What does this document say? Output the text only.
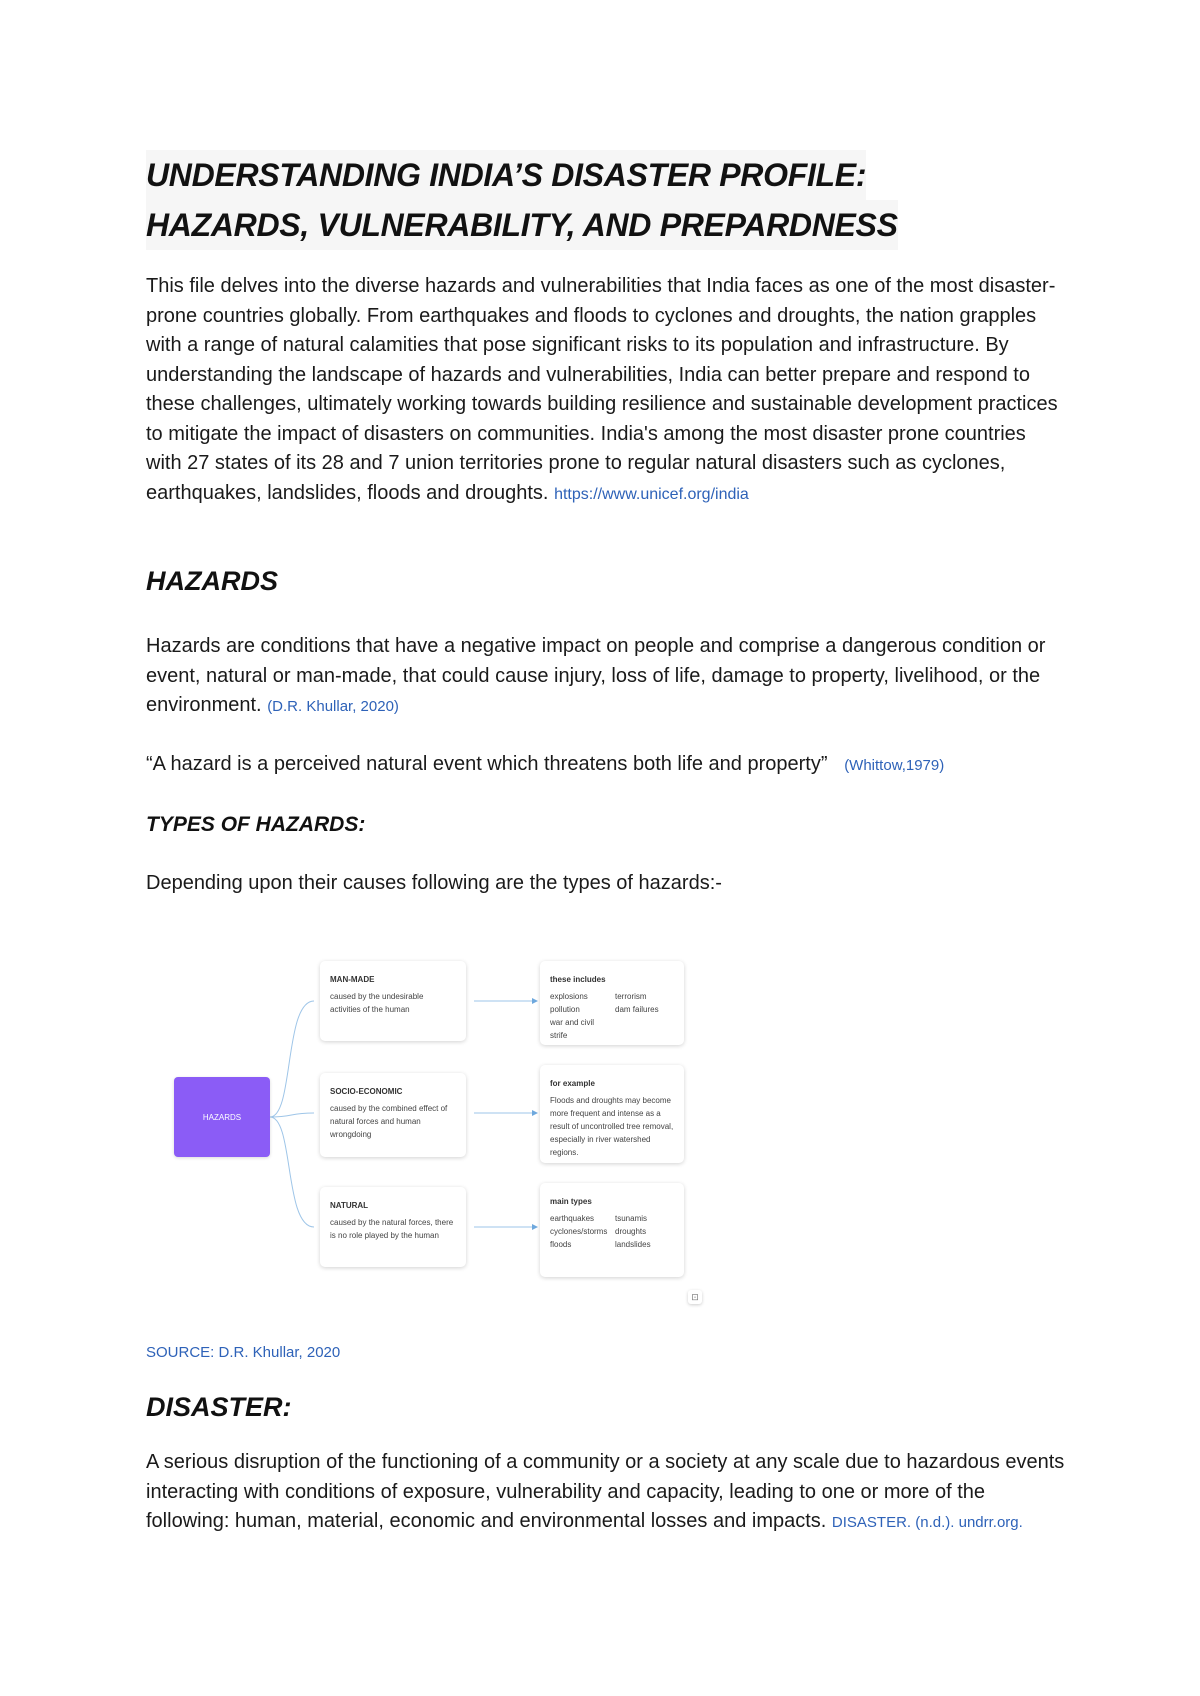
UNDERSTANDING INDIA’S DISASTER PROFILE:
HAZARDS, VULNERABILITY, AND PREPARDNESS

This file delves into the diverse hazards and vulnerabilities that India faces as one of the most disaster-prone countries globally. From earthquakes and floods to cyclones and droughts, the nation grapples with a range of natural calamities that pose significant risks to its population and infrastructure. By understanding the landscape of hazards and vulnerabilities, India can better prepare and respond to these challenges, ultimately working towards building resilience and sustainable development practices to mitigate the impact of disasters on communities. India's among the most disaster prone countries with 27 states of its 28 and 7 union territories prone to regular natural disasters such as cyclones, earthquakes, landslides, floods and droughts. https://www.unicef.org/india

HAZARDS

Hazards are conditions that have a negative impact on people and comprise a dangerous condition or event, natural or man-made, that could cause injury, loss of life, damage to property, livelihood, or the environment. (D.R. Khullar, 2020)

“A hazard is a perceived natural event which threatens both life and property” (Whittow,1979)

TYPES OF HAZARDS:

Depending upon their causes following are the types of hazards:-

HAZARDS
MAN-MADE
caused by the undesirable activities of the human
SOCIO-ECONOMIC
caused by the combined effect of natural forces and human wrongdoing
NATURAL
caused by the natural forces, there is no role played by the human
these includes
explosions	terrorism
pollution	dam failures
war and civil strife
for example
Floods and droughts may become more frequent and intense as a result of uncontrolled tree removal, especially in river watershed regions.
main types
earthquakes	tsunamis
cyclones/storms droughts
floods	landslides
⊡

SOURCE: D.R. Khullar, 2020

DISASTER:

A serious disruption of the functioning of a community or a society at any scale due to hazardous events interacting with conditions of exposure, vulnerability and capacity, leading to one or more of the following: human, material, economic and environmental losses and impacts. DISASTER. (n.d.). undrr.org.
